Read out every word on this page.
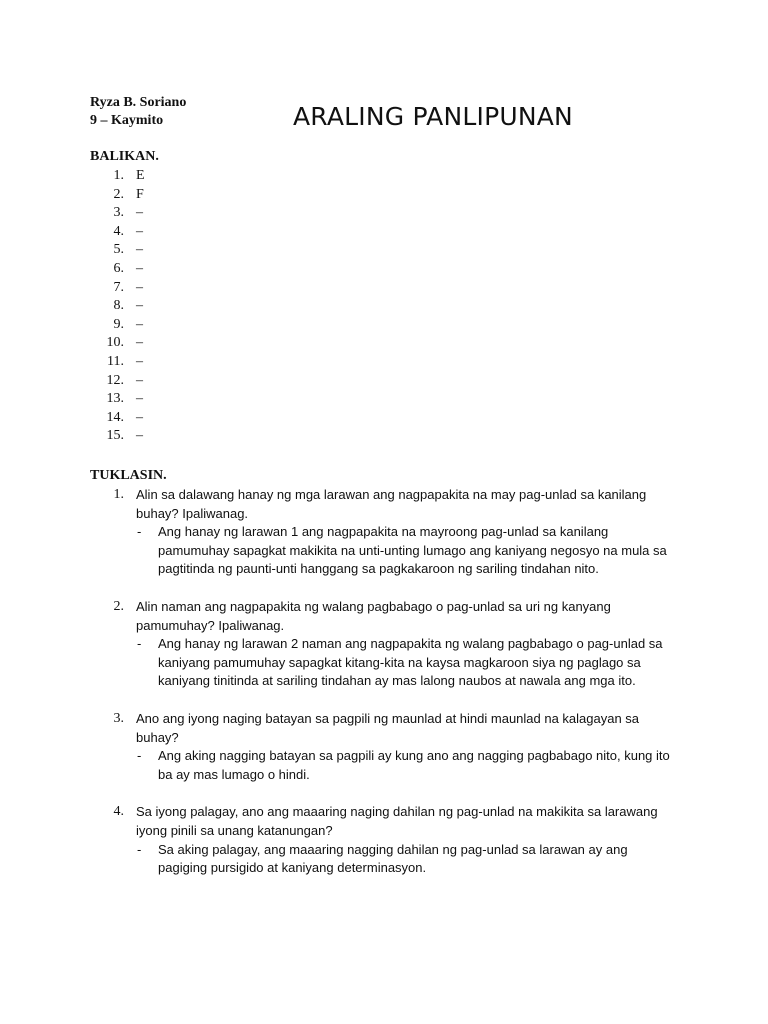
Ryza B. Soriano
9 – Kaymito	ARALING PANLIPUNAN
BALIKAN.
1. E
2. F
3. –
4. –
5. –
6. –
7. –
8. –
9. –
10. –
11. –
12. –
13. –
14. –
15. –
TUKLASIN.
1. Alin sa dalawang hanay ng mga larawan ang nagpapakita na may pag-unlad sa kanilang buhay? Ipaliwanag.
- Ang hanay ng larawan 1 ang nagpapakita na mayroong pag-unlad sa kanilang pamumuhay sapagkat makikita na unti-unting lumago ang kaniyang negosyo na mula sa pagtitinda ng paunti-unti hanggang sa pagkakaroon ng sariling tindahan nito.
2. Alin naman ang nagpapakita ng walang pagbabago o pag-unlad sa uri ng kanyang pamumuhay? Ipaliwanag.
- Ang hanay ng larawan 2 naman ang nagpapakita ng walang pagbabago o pag-unlad sa kaniyang pamumuhay sapagkat kitang-kita na kaysa magkaroon siya ng paglago sa kaniyang tinitinda at sariling tindahan ay mas lalong naubos at nawala ang mga ito.
3. Ano ang iyong naging batayan sa pagpili ng maunlad at hindi maunlad na kalagayan sa buhay?
- Ang aking nagging batayan sa pagpili ay kung ano ang nagging pagbabago nito, kung ito ba ay mas lumago o hindi.
4. Sa iyong palagay, ano ang maaaring naging dahilan ng pag-unlad na makikita sa larawang iyong pinili sa unang katanungan?
- Sa aking palagay, ang maaaring nagging dahilan ng pag-unlad sa larawan ay ang pagiging pursigido at kaniyang determinasyon.
